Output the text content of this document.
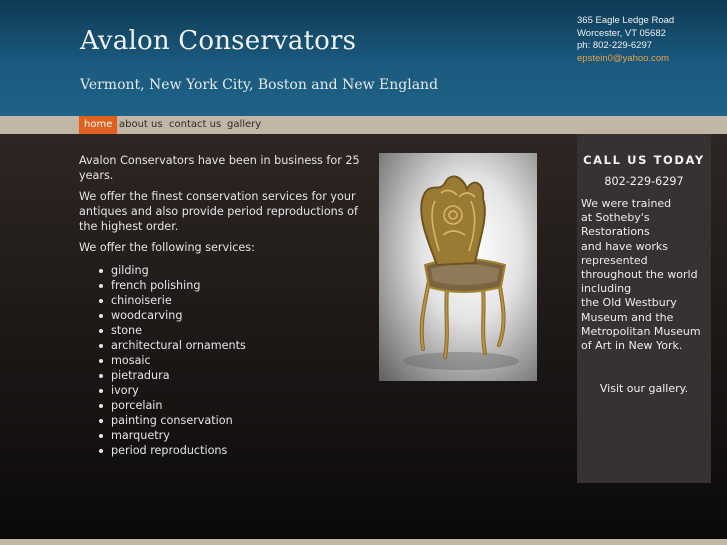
Avalon Conservators
Vermont, New York City, Boston and New England
365 Eagle Ledge Road
Worcester, VT 05682
ph: 802-229-6297
epstein0@yahoo.com
home about us contact us gallery

Avalon Conservators have been in business for 25 years.

We offer the finest conservation services for your antiques and also provide period reproductions of the highest order.

We offer the following services:

gilding
french polishing
chinoiserie
woodcarving
stone
architectural ornaments
mosaic
pietradura
ivory
porcelain
painting conservation
marquetry
period reproductions
CALL US TODAY
802-229-6297
We were trained
at Sotheby's
Restorations
and have works
represented
throughout the world
including
the Old Westbury
Museum and the
Metropolitan Museum
of Art in New York.
Visit our gallery.
